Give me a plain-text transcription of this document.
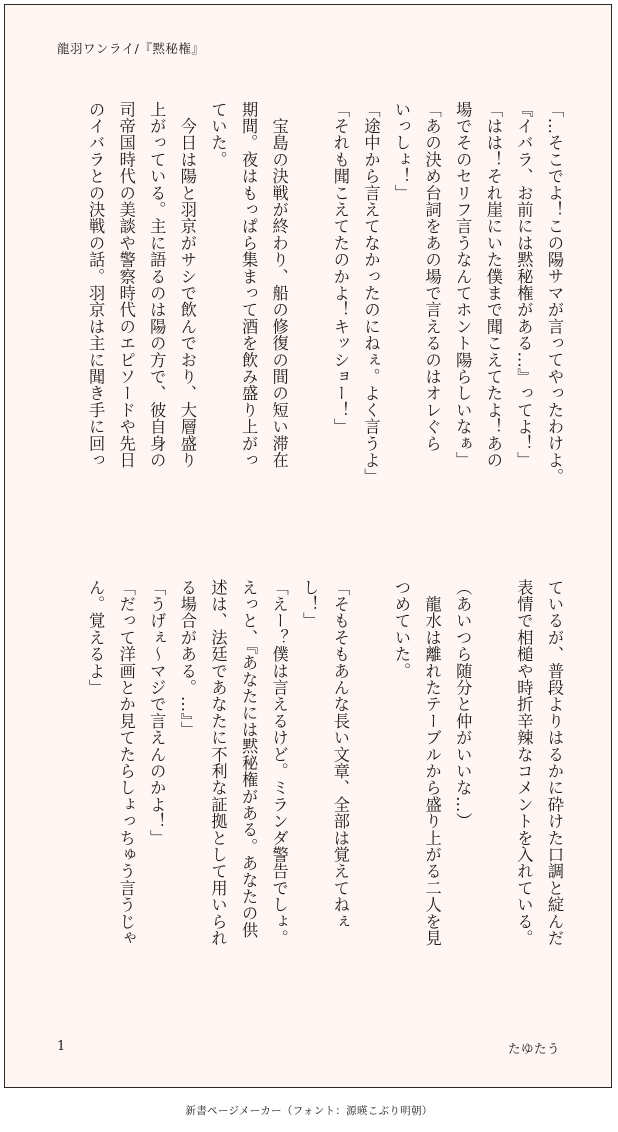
龍羽ワンライ/『黙秘権』
「…そこでよ！この陽サマが言ってやったわけよ。
『イバラ、お前には黙秘権がある…』ってよ！」
「はは！それ崖にいた僕まで聞こえてたよ！あの
場でそのセリフ言うなんてホント陽らしいなぁ」
「あの決め台詞をあの場で言えるのはオレぐら
いっしょ！」
「途中から言えてなかったのにねぇ。よく言うよ」
「それも聞こえてたのかよ！キッショー！」
　宝島の決戦が終わり、船の修復の間の短い滞在
期間。夜はもっぱら集まって酒を飲み盛り上がっ
ていた。
　今日は陽と羽京がサシで飲んでおり、大層盛り
上がっている。主に語るのは陽の方で、彼自身の
司帝国時代の美談や警察時代のエピソードや先日
のイバラとの決戦の話。羽京は主に聞き手に回っ
ているが、普段よりはるかに砕けた口調と綻んだ
表情で相槌や時折辛辣なコメントを入れている。
（あいつら随分と仲がいいな…）
　龍水は離れたテーブルから盛り上がる二人を見
つめていた。
「そもそもあんな長い文章、全部は覚えてねぇ
し！」
「えー？僕は言えるけど。ミランダ警告でしょ。
えっと、『あなたには黙秘権がある。あなたの供
述は、法廷であなたに不利な証拠として用いられ
る場合がある。…』」
「うげぇ～マジで言えんのかよ！」
「だって洋画とか見てたらしょっちゅう言うじゃ
ん。覚えるよ」
1	たゆたう
新書ページメーカー（フォント：源暎こぶり明朝）
